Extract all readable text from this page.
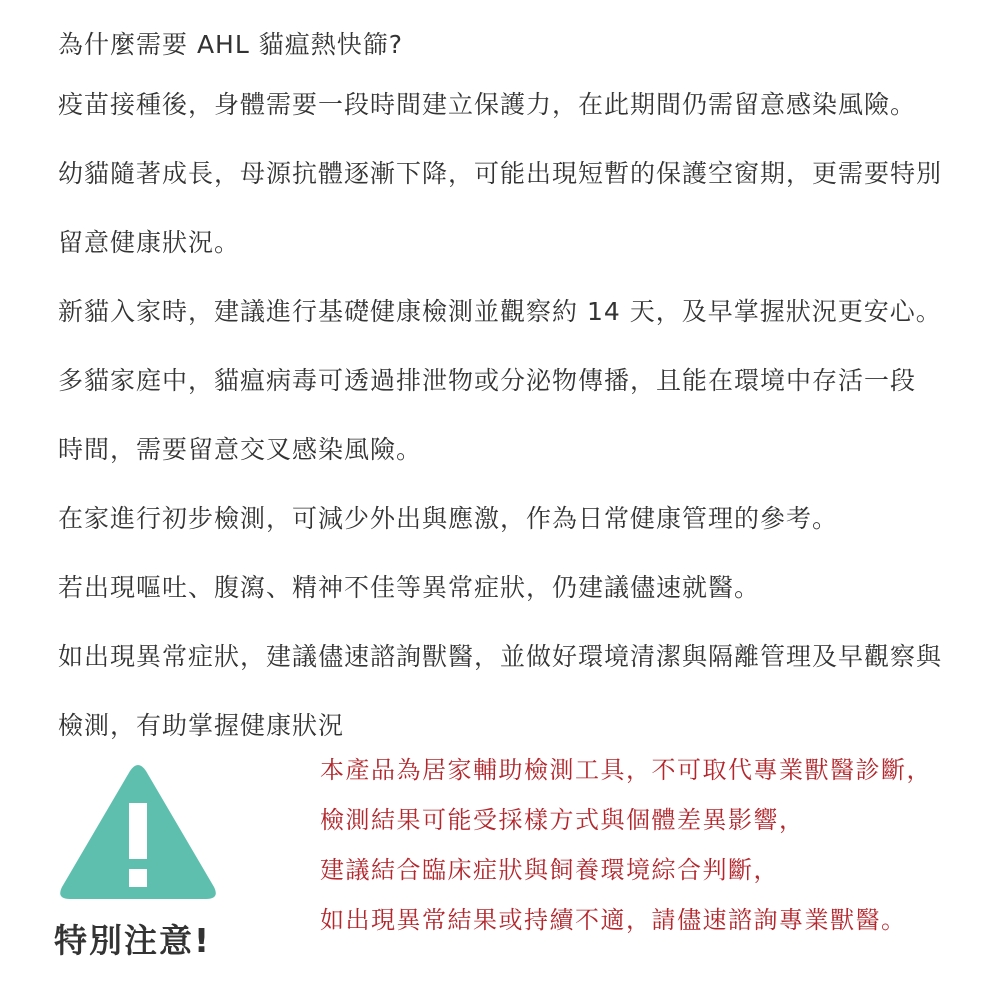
為什麼需要 AHL 貓瘟熱快篩?

疫苗接種後，身體需要一段時間建立保護力，在此期間仍需留意感染風險。

幼貓隨著成長，母源抗體逐漸下降，可能出現短暫的保護空窗期，更需要特別
留意健康狀況。

新貓入家時，建議進行基礎健康檢測並觀察約 14 天，及早掌握狀況更安心。

多貓家庭中，貓瘟病毒可透過排泄物或分泌物傳播，且能在環境中存活一段
時間，需要留意交叉感染風險。

在家進行初步檢測，可減少外出與應激，作為日常健康管理的參考。

若出現嘔吐、腹瀉、精神不佳等異常症狀，仍建議儘速就醫。

如出現異常症狀，建議儘速諮詢獸醫，並做好環境清潔與隔離管理及早觀察與
檢測，有助掌握健康狀況

特別注意!
本產品為居家輔助檢測工具，不可取代專業獸醫診斷，
檢測結果可能受採樣方式與個體差異影響，
建議結合臨床症狀與飼養環境綜合判斷，
如出現異常結果或持續不適，請儘速諮詢專業獸醫。
